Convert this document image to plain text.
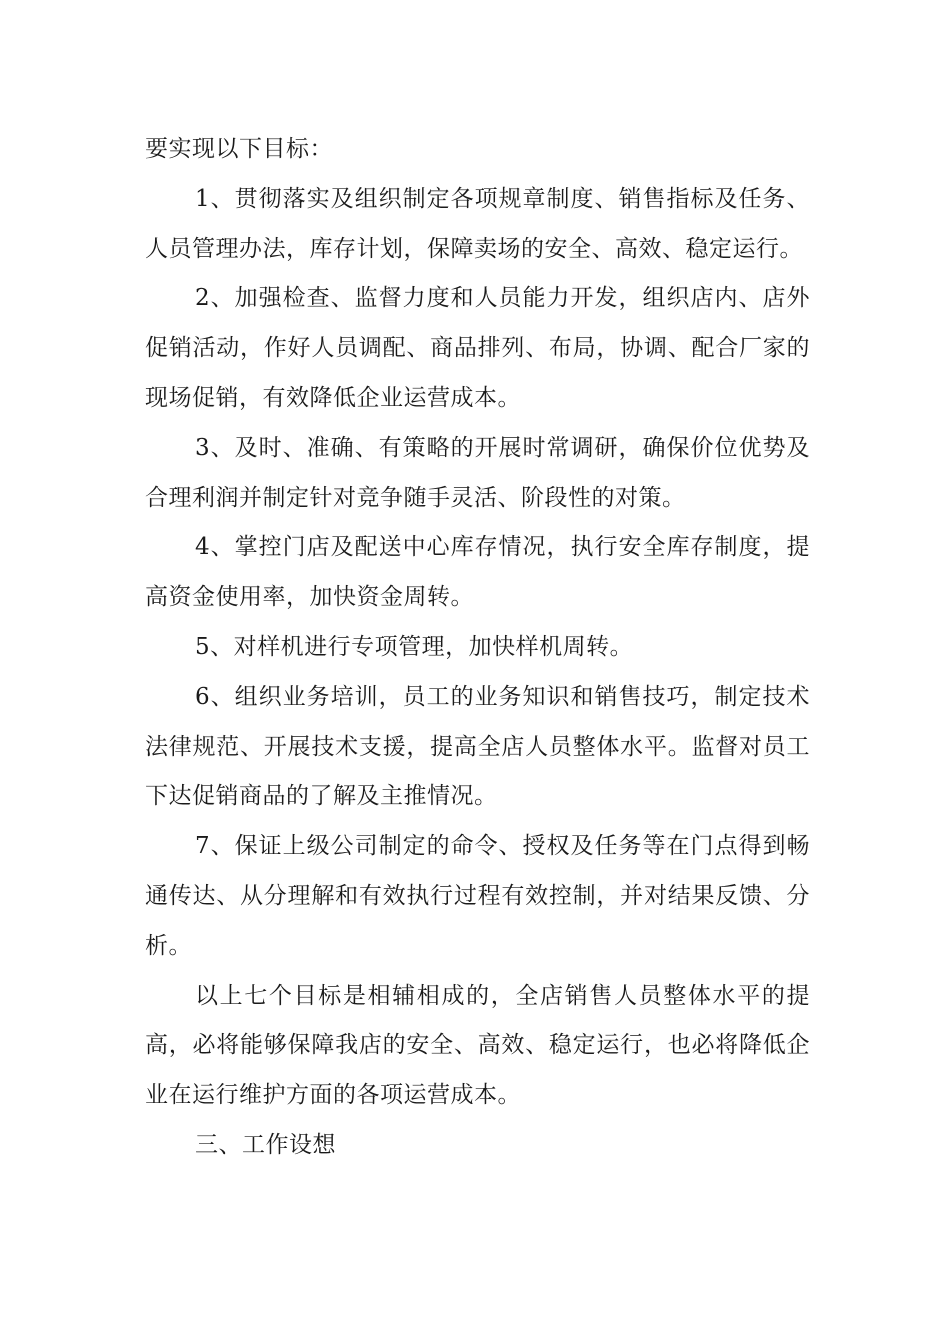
要实现以下目标：

1、贯彻落实及组织制定各项规章制度、销售指标及任务、人员管理办法，库存计划，保障卖场的安全、高效、稳定运行。

2、加强检查、监督力度和人员能力开发，组织店内、店外促销活动，作好人员调配、商品排列、布局，协调、配合厂家的现场促销，有效降低企业运营成本。

3、及时、准确、有策略的开展时常调研，确保价位优势及合理利润并制定针对竞争随手灵活、阶段性的对策。

4、掌控门店及配送中心库存情况，执行安全库存制度，提高资金使用率，加快资金周转。

5、对样机进行专项管理，加快样机周转。

6、组织业务培训，员工的业务知识和销售技巧，制定技术法律规范、开展技术支援，提高全店人员整体水平。监督对员工下达促销商品的了解及主推情况。

7、保证上级公司制定的命令、授权及任务等在门点得到畅通传达、从分理解和有效执行过程有效控制，并对结果反馈、分析。

以上七个目标是相辅相成的，全店销售人员整体水平的提高，必将能够保障我店的安全、高效、稳定运行，也必将降低企业在运行维护方面的各项运营成本。

三、工作设想
